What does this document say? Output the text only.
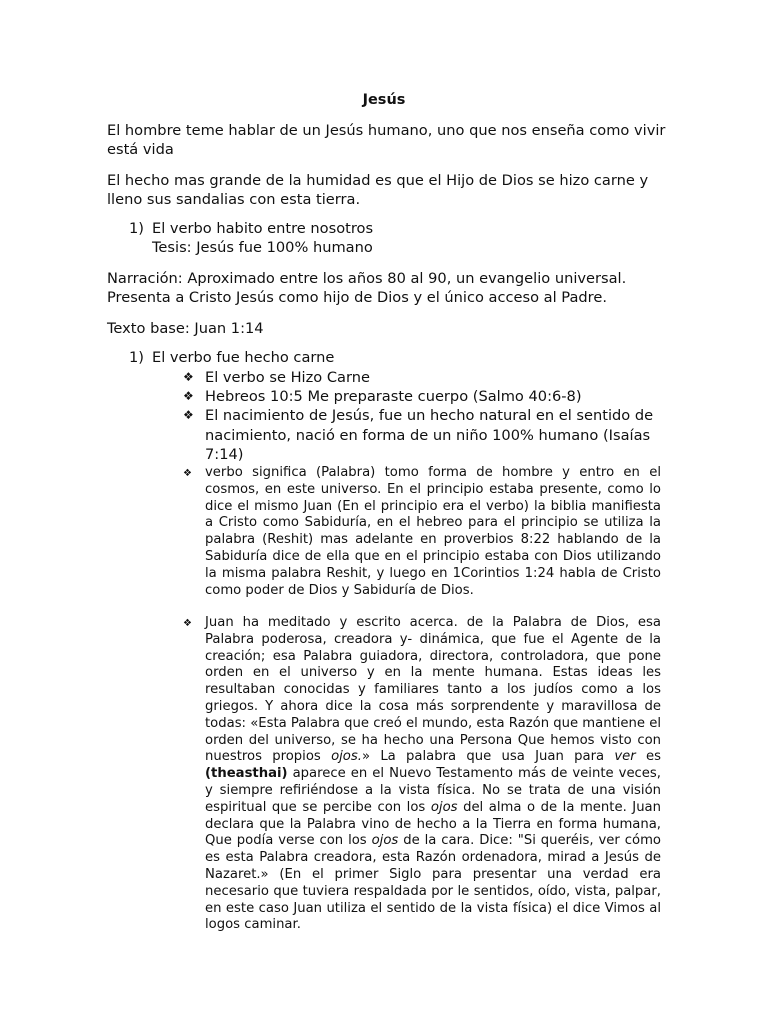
Jesús

El hombre teme hablar de un Jesús humano, uno que nos enseña como vivir está vida

El hecho mas grande de la humidad es que el Hijo de Dios se hizo carne y lleno sus sandalias con esta tierra.

1) El verbo habito entre nosotros
Tesis: Jesús fue 100% humano

Narración: Aproximado entre los años 80 al 90, un evangelio universal. Presenta a Cristo Jesús como hijo de Dios y el único acceso al Padre.

Texto base: Juan 1:14

1) El verbo fue hecho carne
❖ El verbo se Hizo Carne
❖ Hebreos 10:5 Me preparaste cuerpo (Salmo 40:6-8)
❖ El nacimiento de Jesús, fue un hecho natural en el sentido de nacimiento, nació en forma de un niño 100% humano (Isaías 7:14)
❖ verbo significa (Palabra) tomo forma de hombre y entro en el cosmos, en este universo. En el principio estaba presente, como lo dice el mismo Juan (En el principio era el verbo) la biblia manifiesta a Cristo como Sabiduría, en el hebreo para el principio se utiliza la palabra (Reshit) mas adelante en proverbios 8:22 hablando de la Sabiduría dice de ella que en el principio estaba con Dios utilizando la misma palabra Reshit, y luego en 1Corintios 1:24 habla de Cristo como poder de Dios y Sabiduría de Dios.
❖ Juan ha meditado y escrito acerca. de la Palabra de Dios, esa Palabra poderosa, creadora y- dinámica, que fue el Agente de la creación; esa Palabra guiadora, directora, controladora, que pone orden en el universo y en la mente humana. Estas ideas les resultaban conocidas y familiares tanto a los judíos como a los griegos. Y ahora dice la cosa más sorprendente y maravillosa de todas: «Esta Palabra que creó el mundo, esta Razón que mantiene el orden del universo, se ha hecho una Persona Que hemos visto con nuestros propios ojos.» La palabra que usa Juan para ver es (theasthai) aparece en el Nuevo Testamento más de veinte veces, y siempre refiriéndose a la vista física. No se trata de una visión espiritual que se percibe con los ojos del alma o de la mente. Juan declara que la Palabra vino de hecho a la Tierra en forma humana, Que podía verse con los ojos de la cara. Dice: "Si queréis, ver cómo es esta Palabra creadora, esta Razón ordenadora, mirad a Jesús de Nazaret.» (En el primer Siglo para presentar una verdad era necesario que tuviera respaldada por le sentidos, oído, vista, palpar, en este caso Juan utiliza el sentido de la vista física) el dice Vimos al logos caminar.
